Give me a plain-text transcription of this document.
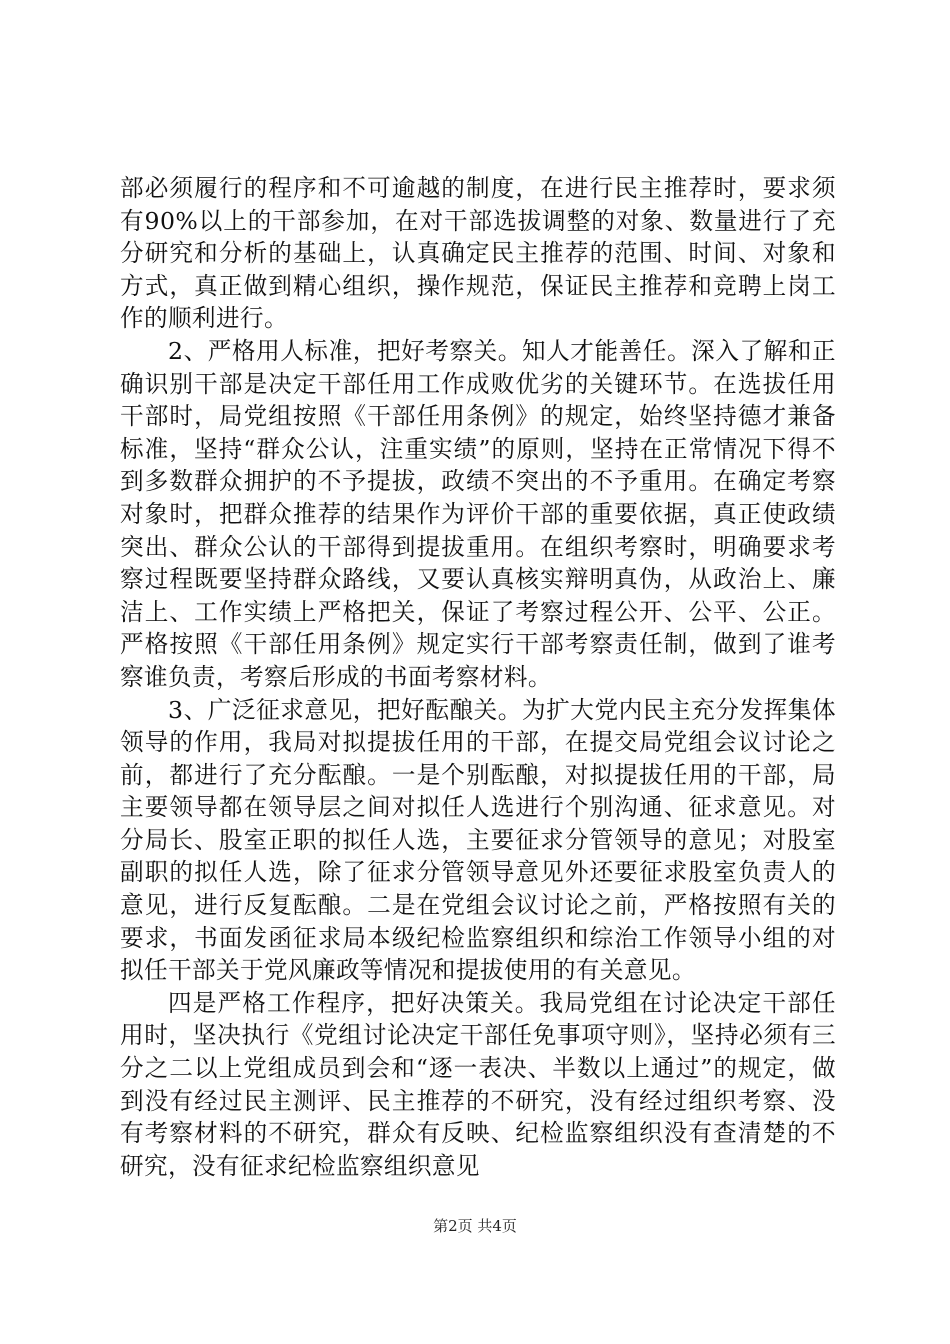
部必须履行的程序和不可逾越的制度，在进行民主推荐时，要求须有90%以上的干部参加，在对干部选拔调整的对象、数量进行了充分研究和分析的基础上，认真确定民主推荐的范围、时间、对象和方式，真正做到精心组织，操作规范，保证民主推荐和竞聘上岗工作的顺利进行。

2、严格用人标准，把好考察关。知人才能善任。深入了解和正确识别干部是决定干部任用工作成败优劣的关键环节。在选拔任用干部时，局党组按照《干部任用条例》的规定，始终坚持德才兼备标准，坚持“群众公认，注重实绩”的原则，坚持在正常情况下得不到多数群众拥护的不予提拔，政绩不突出的不予重用。在确定考察对象时，把群众推荐的结果作为评价干部的重要依据，真正使政绩突出、群众公认的干部得到提拔重用。在组织考察时，明确要求考察过程既要坚持群众路线，又要认真核实辩明真伪，从政治上、廉洁上、工作实绩上严格把关，保证了考察过程公开、公平、公正。严格按照《干部任用条例》规定实行干部考察责任制，做到了谁考察谁负责，考察后形成的书面考察材料。

3、广泛征求意见，把好酝酿关。为扩大党内民主充分发挥集体领导的作用，我局对拟提拔任用的干部，在提交局党组会议讨论之前，都进行了充分酝酿。一是个别酝酿，对拟提拔任用的干部，局主要领导都在领导层之间对拟任人选进行个别沟通、征求意见。对分局长、股室正职的拟任人选，主要征求分管领导的意见；对股室副职的拟任人选，除了征求分管领导意见外还要征求股室负责人的意见，进行反复酝酿。二是在党组会议讨论之前，严格按照有关的要求，书面发函征求局本级纪检监察组织和综治工作领导小组的对拟任干部关于党风廉政等情况和提拔使用的有关意见。

四是严格工作程序，把好决策关。我局党组在讨论决定干部任用时，坚决执行《党组讨论决定干部任免事项守则》，坚持必须有三分之二以上党组成员到会和“逐一表决、半数以上通过”的规定，做到没有经过民主测评、民主推荐的不研究，没有经过组织考察、没有考察材料的不研究，群众有反映、纪检监察组织没有查清楚的不研究，没有征求纪检监察组织意见

第2页 共4页
